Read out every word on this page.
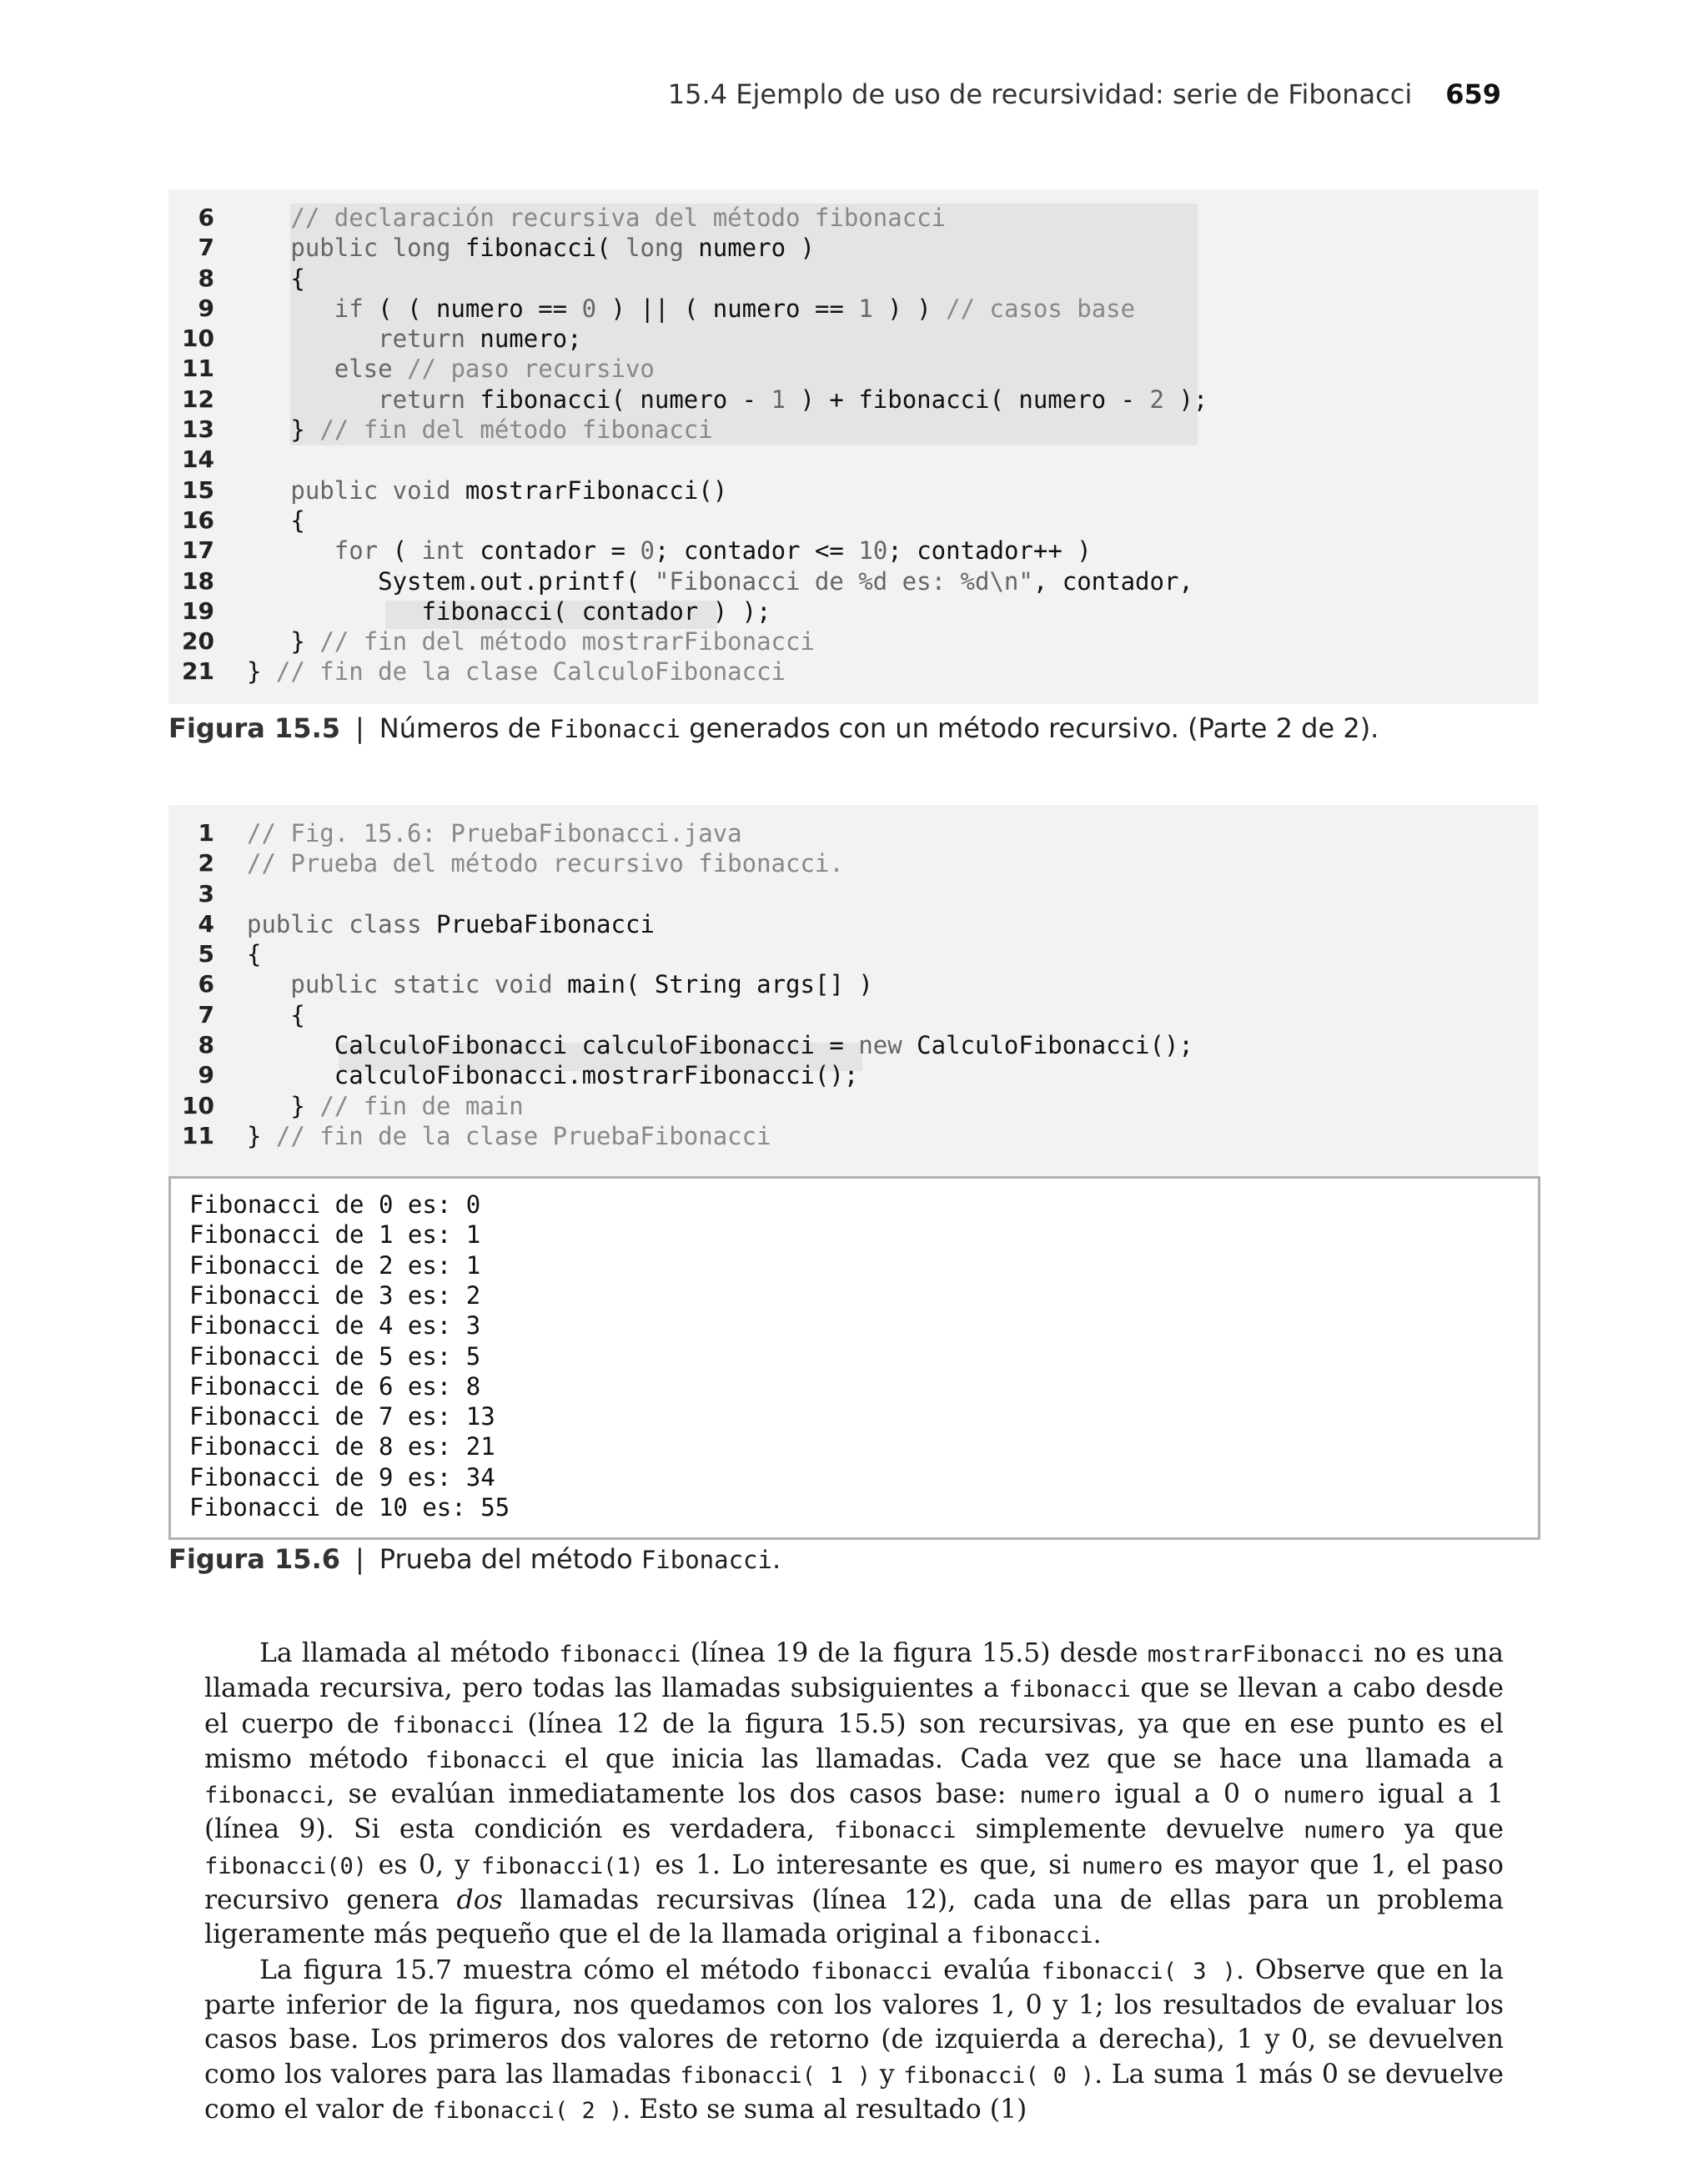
15.4 Ejemplo de uso de recursividad: serie de Fibonacci 659
6	// declaración recursiva del método fibonacci
7	public long fibonacci( long numero )
8 {
9	if ( ( numero == 0 ) || ( numero == 1 ) ) // casos base
10	return numero;
11	else // paso recursivo
12	return fibonacci( numero - 1 ) + fibonacci( numero - 2 );
13 } // fin del método fibonacci
14
15	public void mostrarFibonacci()
16 {
17	for ( int contador = 0; contador <= 10; contador++ )
18 System.out.printf( "Fibonacci de %d es: %d\n", contador,
19 fibonacci( contador ) );
20 } // fin del método mostrarFibonacci
21 } // fin de la clase CalculoFibonacci
Figura 15.5 | Números de Fibonacci generados con un método recursivo. (Parte 2 de 2).
1 // Fig. 15.6: PruebaFibonacci.java
2 // Prueba del método recursivo fibonacci.
3
4 public class PruebaFibonacci
5 {
6	public static void main( String args[] )
7 {
8 CalculoFibonacci calculoFibonacci = new CalculoFibonacci();
9 calculoFibonacci.mostrarFibonacci();
10 } // fin de main
11 } // fin de la clase PruebaFibonacci
Fibonacci de 0 es: 0
Fibonacci de 1 es: 1
Fibonacci de 2 es: 1
Fibonacci de 3 es: 2
Fibonacci de 4 es: 3
Fibonacci de 5 es: 5
Fibonacci de 6 es: 8
Fibonacci de 7 es: 13
Fibonacci de 8 es: 21
Fibonacci de 9 es: 34
Fibonacci de 10 es: 55
Figura 15.6 | Prueba del método Fibonacci.

La llamada al método fibonacci (línea 19 de la figura 15.5) desde mostrarFibonacci no es una llamada recursiva, pero todas las llamadas subsiguientes a fibonacci que se llevan a cabo desde el cuerpo de fibonacci (línea 12 de la figura 15.5) son recursivas, ya que en ese punto es el mismo método fibonacci el que inicia las llamadas. Cada vez que se hace una llamada a fibonacci, se evalúan inmediatamente los dos casos base: numero igual a 0 o numero igual a 1 (línea 9). Si esta condición es verdadera, fibonacci simplemente devuelve numero ya que fibonacci(0) es 0, y fibonacci(1) es 1. Lo interesante es que, si numero es mayor que 1, el paso recursivo genera dos llamadas recursivas (línea 12), cada una de ellas para un problema ligeramente más pequeño que el de la llamada original a fibonacci.

La figura 15.7 muestra cómo el método fibonacci evalúa fibonacci( 3 ). Observe que en la parte inferior de la figura, nos quedamos con los valores 1, 0 y 1; los resultados de evaluar los casos base. Los primeros dos valores de retorno (de izquierda a derecha), 1 y 0, se devuelven como los valores para las llamadas fibonacci( 1 ) y fibonacci( 0 ). La suma 1 más 0 se devuelve como el valor de fibonacci( 2 ). Esto se suma al resultado (1)
